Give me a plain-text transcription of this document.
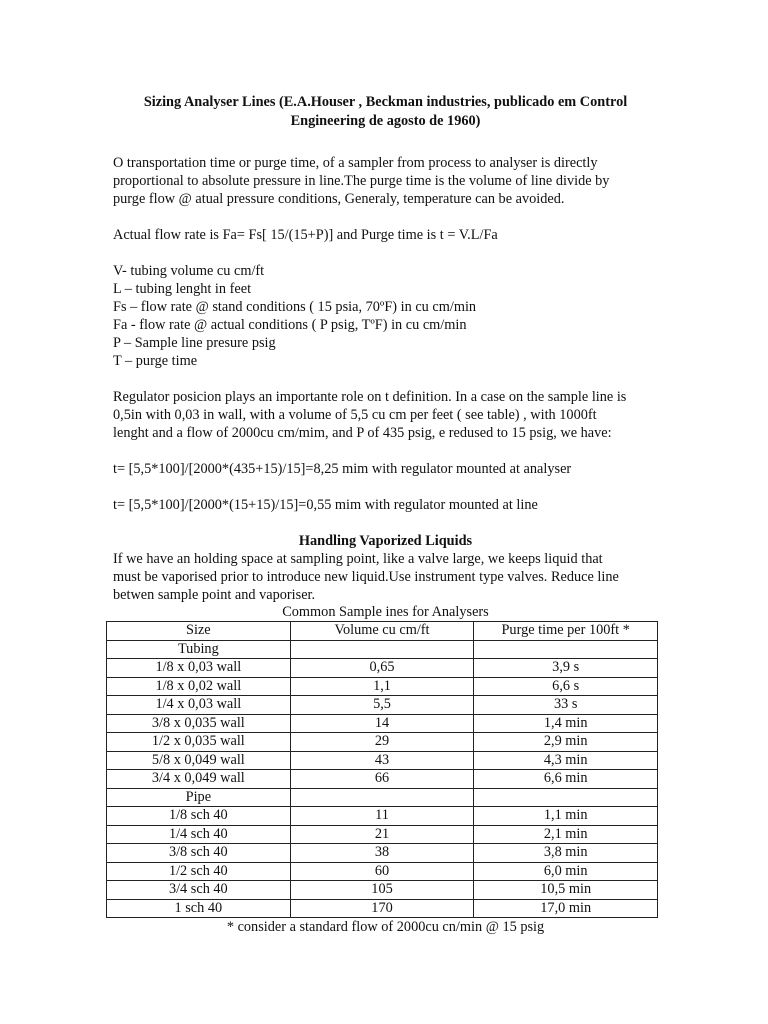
Sizing Analyser Lines (E.A.Houser , Beckman industries, publicado em Control

Engineering de agosto de 1960)

O transportation time or purge time, of a sampler from process to analyser is directly

proportional to absolute pressure in line.The purge time is the volume of line divide by

purge flow @ atual pressure conditions, Generaly, temperature can be avoided.

Actual flow rate is Fa= Fs[ 15/(15+P)] and Purge time is t = V.L/Fa

V- tubing volume cu cm/ft

L – tubing lenght in feet

Fs – flow rate @ stand conditions ( 15 psia, 70ºF) in cu cm/min

Fa - flow rate @ actual conditions ( P psig, TºF) in cu cm/min

P – Sample line presure psig

T – purge time

Regulator posicion plays an importante role on t definition. In a case on the sample line is

0,5in with 0,03 in wall, with a volume of 5,5 cu cm per feet ( see table) , with 1000ft

lenght and a flow of 2000cu cm/mim, and P of 435 psig, e redused to 15 psig, we have:

t= [5,5*100]/[2000*(435+15)/15]=8,25 mim with regulator mounted at analyser

t= [5,5*100]/[2000*(15+15)/15]=0,55 mim with regulator mounted at line

Handling Vaporized Liquids

If we have an holding space at sampling point, like a valve large, we keeps liquid that

must be vaporised prior to introduce new liquid.Use instrument type valves. Reduce line

betwen sample point and vaporiser.

Common Sample ines for Analysers

Size	Volume cu cm/ft	Purge time per 100ft *
Tubing		
1/8 x 0,03 wall	0,65	3,9 s
1/8 x 0,02 wall	1,1	6,6 s
1/4 x 0,03 wall	5,5	33 s
3/8 x 0,035 wall	14	1,4 min
1/2 x 0,035 wall	29	2,9 min
5/8 x 0,049 wall	43	4,3 min
3/4 x 0,049 wall	66	6,6 min
Pipe		
1/8 sch 40	11	1,1 min
1/4 sch 40	21	2,1 min
3/8 sch 40	38	3,8 min
1/2 sch 40	60	6,0 min
3/4 sch 40	105	10,5 min
1 sch 40	170	17,0 min

* consider a standard flow of 2000cu cn/min @ 15 psig
